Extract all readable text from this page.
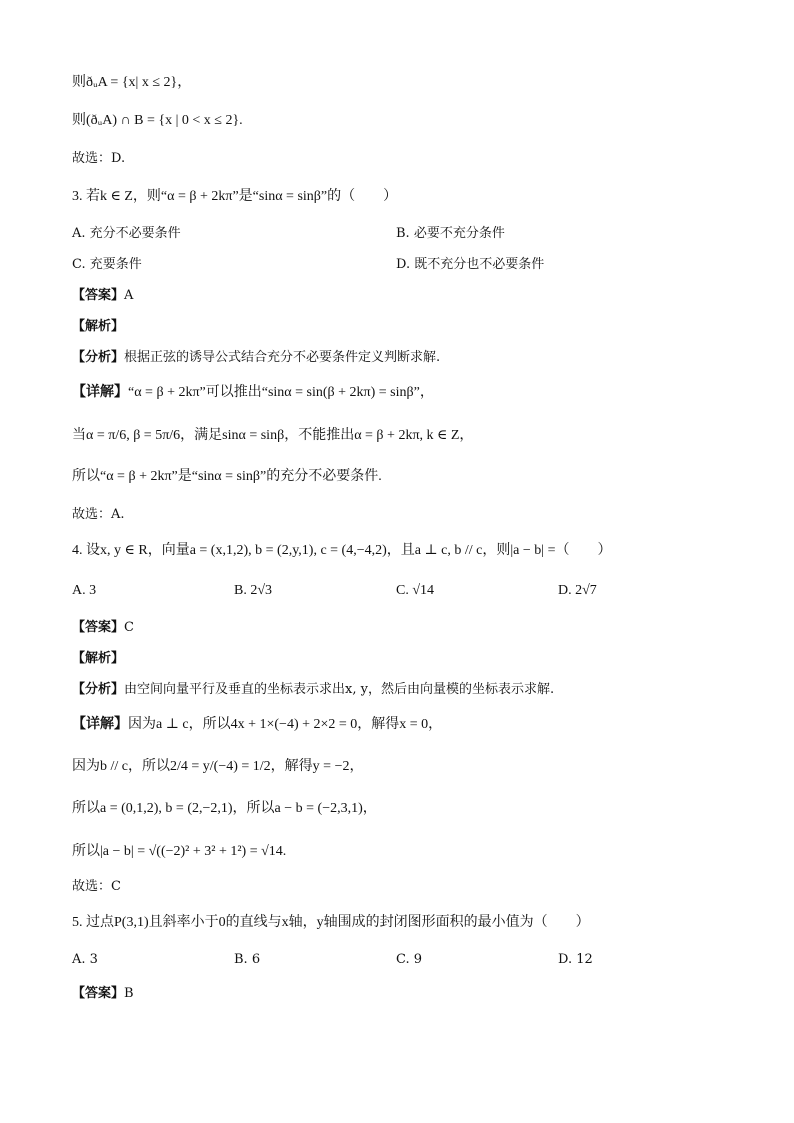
则ðᵤA = {x| x ≤ 2}，
则(ðᵤA) ∩ B = {x | 0 < x ≤ 2}.
故选：D.
3. 若k ∈ Z，则“α = β + 2kπ”是“sinα = sinβ”的（　　）
A. 充分不必要条件	B. 必要不充分条件
C. 充要条件	D. 既不充分也不必要条件
【答案】A
【解析】
【分析】根据正弦的诱导公式结合充分不必要条件定义判断求解.
【详解】“α = β + 2kπ”可以推出“sinα = sin(β + 2kπ) = sinβ”，
当α = π/6, β = 5π/6，满足sinα = sinβ，不能推出α = β + 2kπ, k ∈ Z，
所以“α = β + 2kπ”是“sinα = sinβ”的充分不必要条件.
故选：A.
4. 设x, y ∈ R，向量a = (x,1,2), b = (2,y,1), c = (4,−4,2)，且a ⊥ c, b // c，则|a − b| =（　　）
A. 3	B. 2√3	C. √14	D. 2√7
【答案】C
【解析】
【分析】由空间向量平行及垂直的坐标表示求出x, y，然后由向量模的坐标表示求解.
【详解】因为a ⊥ c，所以4x + 1×(−4) + 2×2 = 0，解得x = 0，
因为b // c，所以2/4 = y/(−4) = 1/2，解得y = −2，
所以a = (0,1,2), b = (2,−2,1)，所以a − b = (−2,3,1)，
所以|a − b| = √((−2)² + 3² + 1²) = √14.
故选：C
5. 过点P(3,1)且斜率小于0的直线与x轴，y轴围成的封闭图形面积的最小值为（　　）
A. 3	B. 6	C. 9	D. 12
【答案】B
